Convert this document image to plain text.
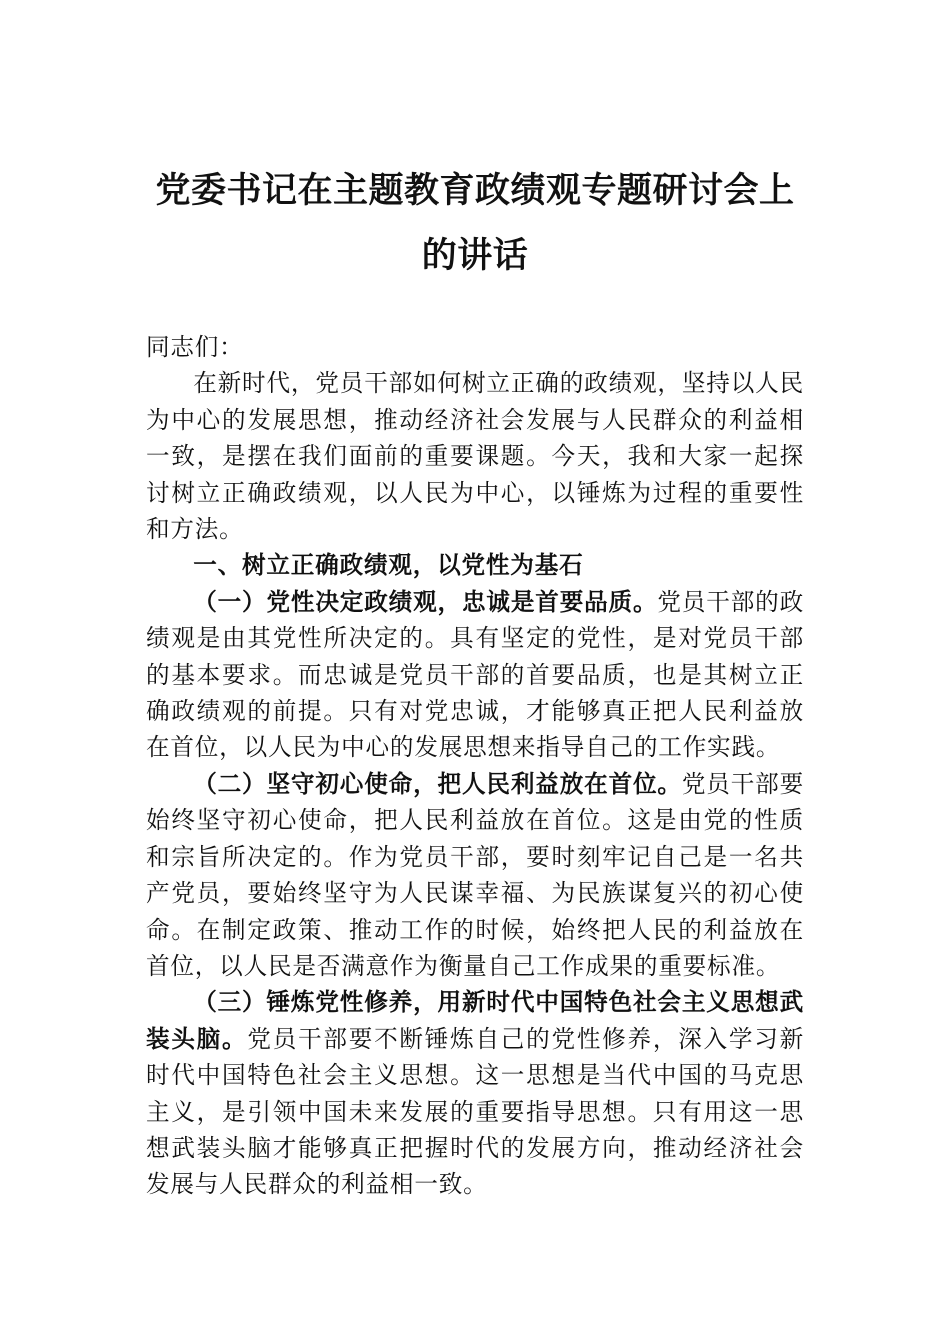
党委书记在主题教育政绩观专题研讨会上
的讲话

同志们：

在新时代，党员干部如何树立正确的政绩观，坚持以人民为中心的发展思想，推动经济社会发展与人民群众的利益相一致，是摆在我们面前的重要课题。今天，我和大家一起探讨树立正确政绩观，以人民为中心，以锤炼为过程的重要性和方法。

一、树立正确政绩观，以党性为基石

（一）党性决定政绩观，忠诚是首要品质。党员干部的政绩观是由其党性所决定的。具有坚定的党性，是对党员干部的基本要求。而忠诚是党员干部的首要品质，也是其树立正确政绩观的前提。只有对党忠诚，才能够真正把人民利益放在首位，以人民为中心的发展思想来指导自己的工作实践。

（二）坚守初心使命，把人民利益放在首位。党员干部要始终坚守初心使命，把人民利益放在首位。这是由党的性质和宗旨所决定的。作为党员干部，要时刻牢记自己是一名共产党员，要始终坚守为人民谋幸福、为民族谋复兴的初心使命。在制定政策、推动工作的时候，始终把人民的利益放在首位，以人民是否满意作为衡量自己工作成果的重要标准。

（三）锤炼党性修养，用新时代中国特色社会主义思想武装头脑。党员干部要不断锤炼自己的党性修养，深入学习新时代中国特色社会主义思想。这一思想是当代中国的马克思主义，是引领中国未来发展的重要指导思想。只有用这一思想武装头脑才能够真正把握时代的发展方向，推动经济社会发展与人民群众的利益相一致。
